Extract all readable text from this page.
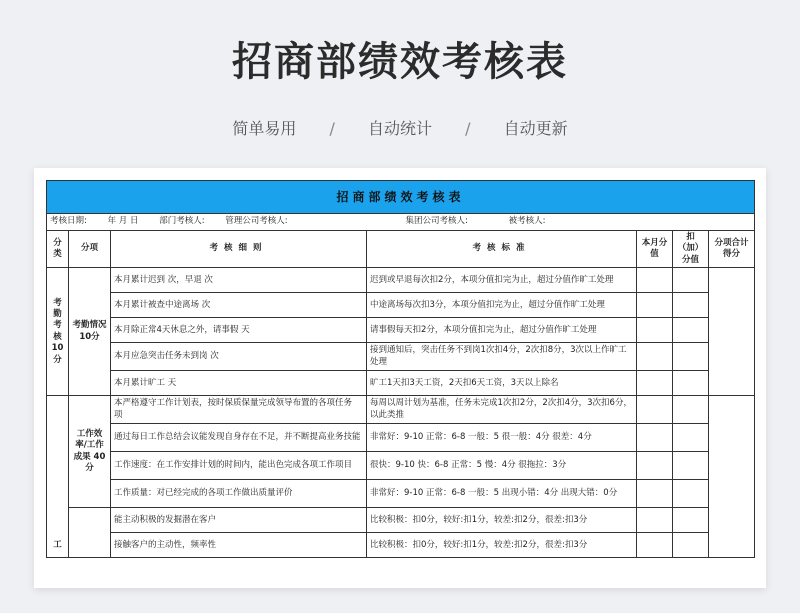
招商部绩效考核表
简单易用 / 自动统计 / 自动更新
招商部绩效考核表						
考核日期: 年 月 日 部门考核人: 管理公司考核人:			集团公司考核人: 被考核人:			
分类	分项	考核细则	考核标准	本月分值	扣（加）分值	分项合计得分
考勤考核10分	考勤情况10分	本月累计迟到 次，早退 次	迟到或早退每次扣2分，本项分值扣完为止，超过分值作旷工处理			
		本月累计被查中途离场 次	中途离场每次扣3分，本项分值扣完为止，超过分值作旷工处理			
		本月除正常4天休息之外，请事假 天	请事假每天扣2分，本项分值扣完为止，超过分值作旷工处理			
		本月应急突击任务未到岗 次	接到通知后，突击任务不到岗1次扣4分，2次扣8分，3次以上作旷工处理			
		本月累计旷工 天	旷工1天扣3天工资，2天扣6天工资，3天以上除名			
工	工作效率/工作成果 40分	本严格遵守工作计划表，按时保质保量完成领导布置的各项任务 项	每周以周计划为基准，任务未完成1次扣2分，2次扣4分，3次扣6分，以此类推			
		通过每日工作总结会议能发现自身存在不足，并不断提高业务技能	非常好：9-10 正常：6-8 一般：5 很一般：4分 很差：4分			
		工作速度：在工作安排计划的时间内，能出色完成各项工作项目	很快：9-10 快：6-8 正常：5 慢：4分 很拖拉：3分			
		工作质量：对已经完成的各项工作做出质量评价	非常好：9-10 正常：6-8 一般：5 出现小错：4分 出现大错：0分			
		能主动积极的发掘潜在客户	比较积极：扣0分，较好:扣1分，较差:扣2分，很差:扣3分			
		接触客户的主动性，频率性	比较积极：扣0分，较好:扣1分，较差:扣2分，很差:扣3分			
